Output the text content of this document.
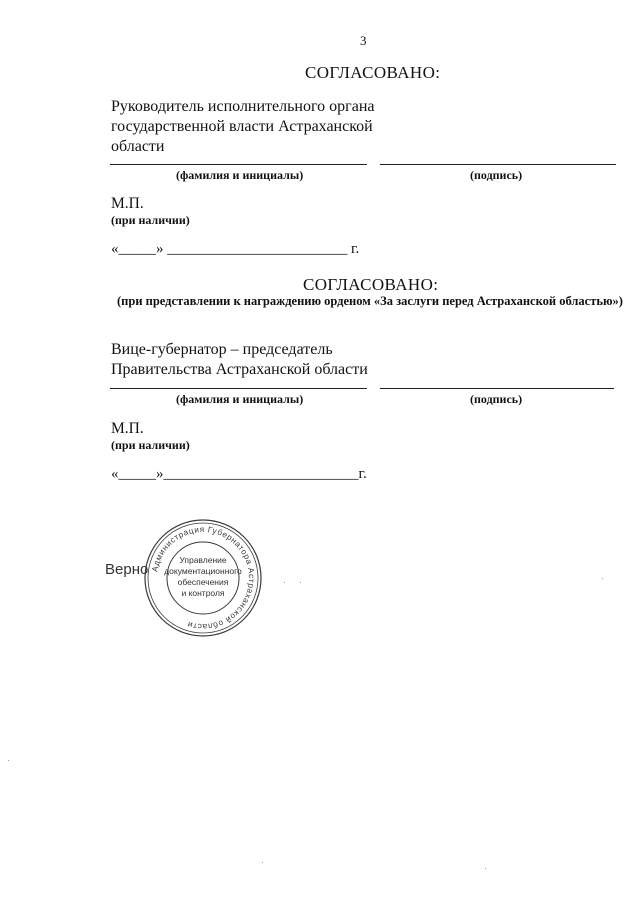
3
СОГЛАСОВАНО:
Руководитель исполнительного органа
государственной власти Астраханской
области
(фамилия и инициалы)	(подпись)
М.П.
(при наличии)
«_____» ________________________ г.
СОГЛАСОВАНО:
(при представлении к награждению орденом «За заслуги перед Астраханской областью»)
Вице-губернатор – председатель
Правительства Астраханской области
(фамилия и инициалы)	(подпись)
М.П.
(при наличии)
«_____»__________________________г.
Верно Администрация Губернатора Астраханской области
Управление
документационного
обеспечения
и контроля
